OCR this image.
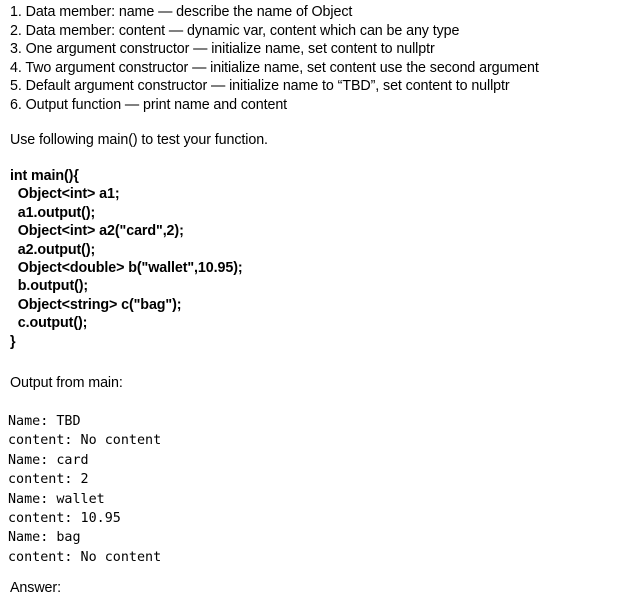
1. Data member: name — describe the name of Object
2. Data member: content — dynamic var, content which can be any type
3. One argument constructor — initialize name, set content to nullptr
4. Two argument constructor — initialize name, set content use the second argument
5. Default argument constructor — initialize name to “TBD”, set content to nullptr
6. Output function — print name and content
Use following main() to test your function.
int main(){
Object<int> a1;
a1.output();
Object<int> a2("card",2);
a2.output();
Object<double> b("wallet",10.95);
b.output();
Object<string> c("bag");
c.output();
}
Output from main:
Name: TBD
content: No content
Name: card
content: 2
Name: wallet
content: 10.95
Name: bag
content: No content
Answer:
